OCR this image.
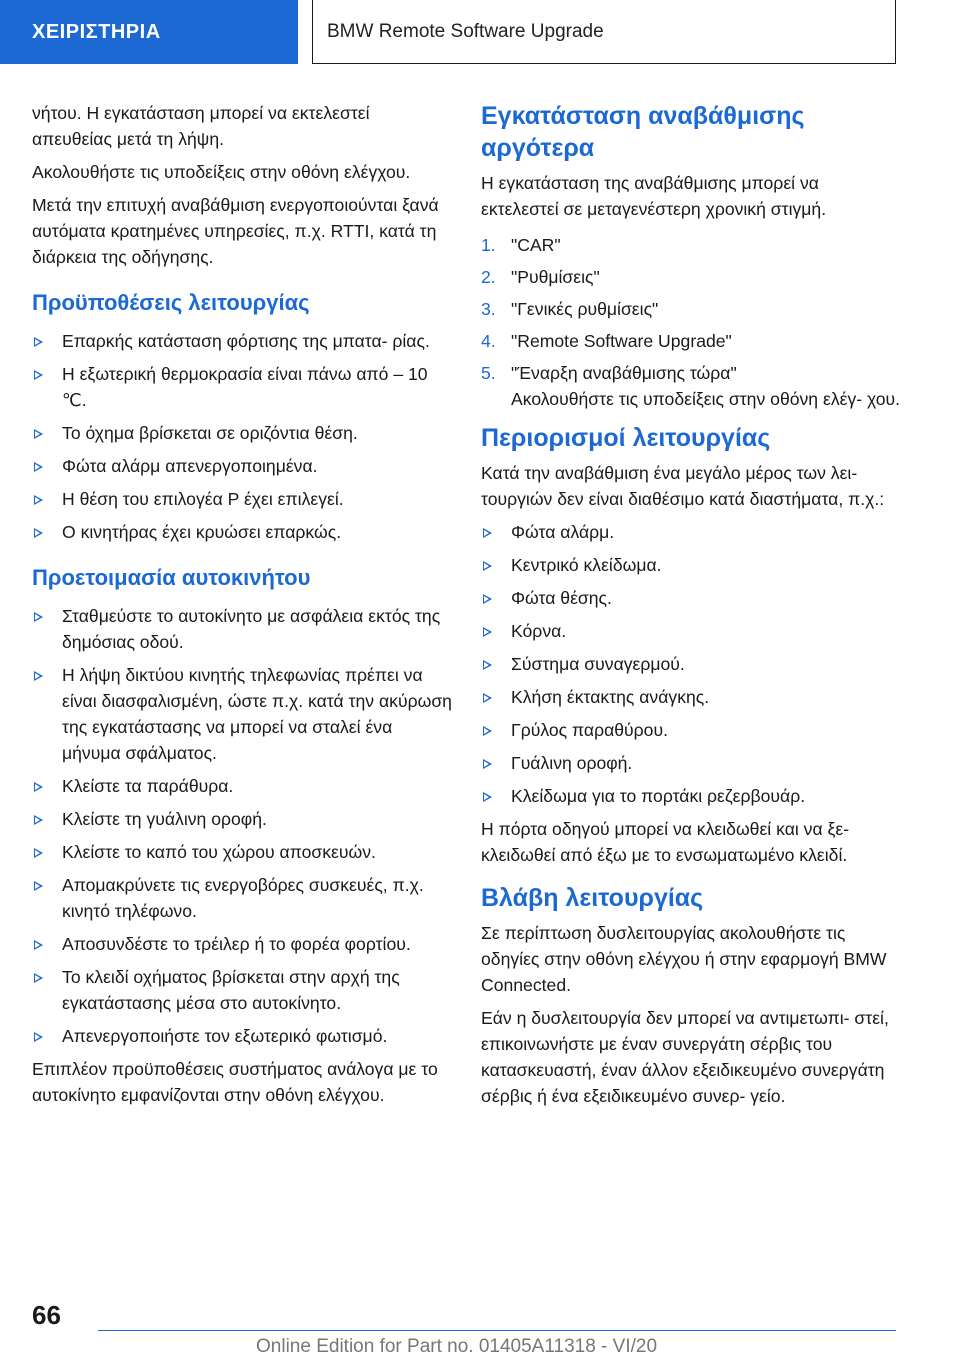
ΧΕΙΡΙΣΤΗΡΙΑ	BMW Remote Software Upgrade

νήτου. Η εγκατάσταση μπορεί να εκτελεστεί απευθείας μετά τη λήψη.

Ακολουθήστε τις υποδείξεις στην οθόνη ελέγχου.

Μετά την επιτυχή αναβάθμιση ενεργοποιούνται ξανά αυτόματα κρατημένες υπηρεσίες, π.χ. RTTI, κατά τη διάρκεια της οδήγησης.

Προϋποθέσεις λειτουργίας
Επαρκής κατάσταση φόρτισης της μπατα‐ ρίας.
Η εξωτερική θερμοκρασία είναι πάνω από – 10 ℃.
Το όχημα βρίσκεται σε οριζόντια θέση.
Φώτα αλάρμ απενεργοποιημένα.
Η θέση του επιλογέα P έχει επιλεγεί.
Ο κινητήρας έχει κρυώσει επαρκώς.
Προετοιμασία αυτοκινήτου
Σταθμεύστε το αυτοκίνητο με ασφάλεια εκτός της δημόσιας οδού.
Η λήψη δικτύου κινητής τηλεφωνίας πρέπει να είναι διασφαλισμένη, ώστε π.χ. κατά την ακύρωση της εγκατάστασης να μπορεί να σταλεί ένα μήνυμα σφάλματος.
Κλείστε τα παράθυρα.
Κλείστε τη γυάλινη οροφή.
Κλείστε το καπό του χώρου αποσκευών.
Απομακρύνετε τις ενεργοβόρες συσκευές, π.χ. κινητό τηλέφωνο.
Αποσυνδέστε το τρέιλερ ή το φορέα φορτίου.
Το κλειδί οχήματος βρίσκεται στην αρχή της εγκατάστασης μέσα στο αυτοκίνητο.
Απενεργοποιήστε τον εξωτερικό φωτισμό.

Επιπλέον προϋποθέσεις συστήματος ανάλογα με το αυτοκίνητο εμφανίζονται στην οθόνη ελέγχου.

Εγκατάσταση αναβάθμισης αργότερα

Η εγκατάσταση της αναβάθμισης μπορεί να εκτελεστεί σε μεταγενέστερη χρονική στιγμή.

1. "CAR"
2. "Ρυθμίσεις"
3. "Γενικές ρυθμίσεις"
4. "Remote Software Upgrade"
5. "Έναρξη αναβάθμισης τώρα"
Ακολουθήστε τις υποδείξεις στην οθόνη ελέγ‐ χου.
Περιορισμοί λειτουργίας

Κατά την αναβάθμιση ένα μεγάλο μέρος των λει‐ τουργιών δεν είναι διαθέσιμο κατά διαστήματα, π.χ.:

Φώτα αλάρμ.
Κεντρικό κλείδωμα.
Φώτα θέσης.
Κόρνα.
Σύστημα συναγερμού.
Κλήση έκτακτης ανάγκης.
Γρύλος παραθύρου.
Γυάλινη οροφή.
Κλείδωμα για το πορτάκι ρεζερβουάρ.

Η πόρτα οδηγού μπορεί να κλειδωθεί και να ξε‐ κλειδωθεί από έξω με το ενσωματωμένο κλειδί.

Βλάβη λειτουργίας

Σε περίπτωση δυσλειτουργίας ακολουθήστε τις οδηγίες στην οθόνη ελέγχου ή στην εφαρμογή BMW Connected.

Εάν η δυσλειτουργία δεν μπορεί να αντιμετωπι‐ στεί, επικοινωνήστε με έναν συνεργάτη σέρβις του κατασκευαστή, έναν άλλον εξειδικευμένο συνεργάτη σέρβις ή ένα εξειδικευμένο συνερ‐ γείο.

66
Online Edition for Part no. 01405A11318 - VI/20
